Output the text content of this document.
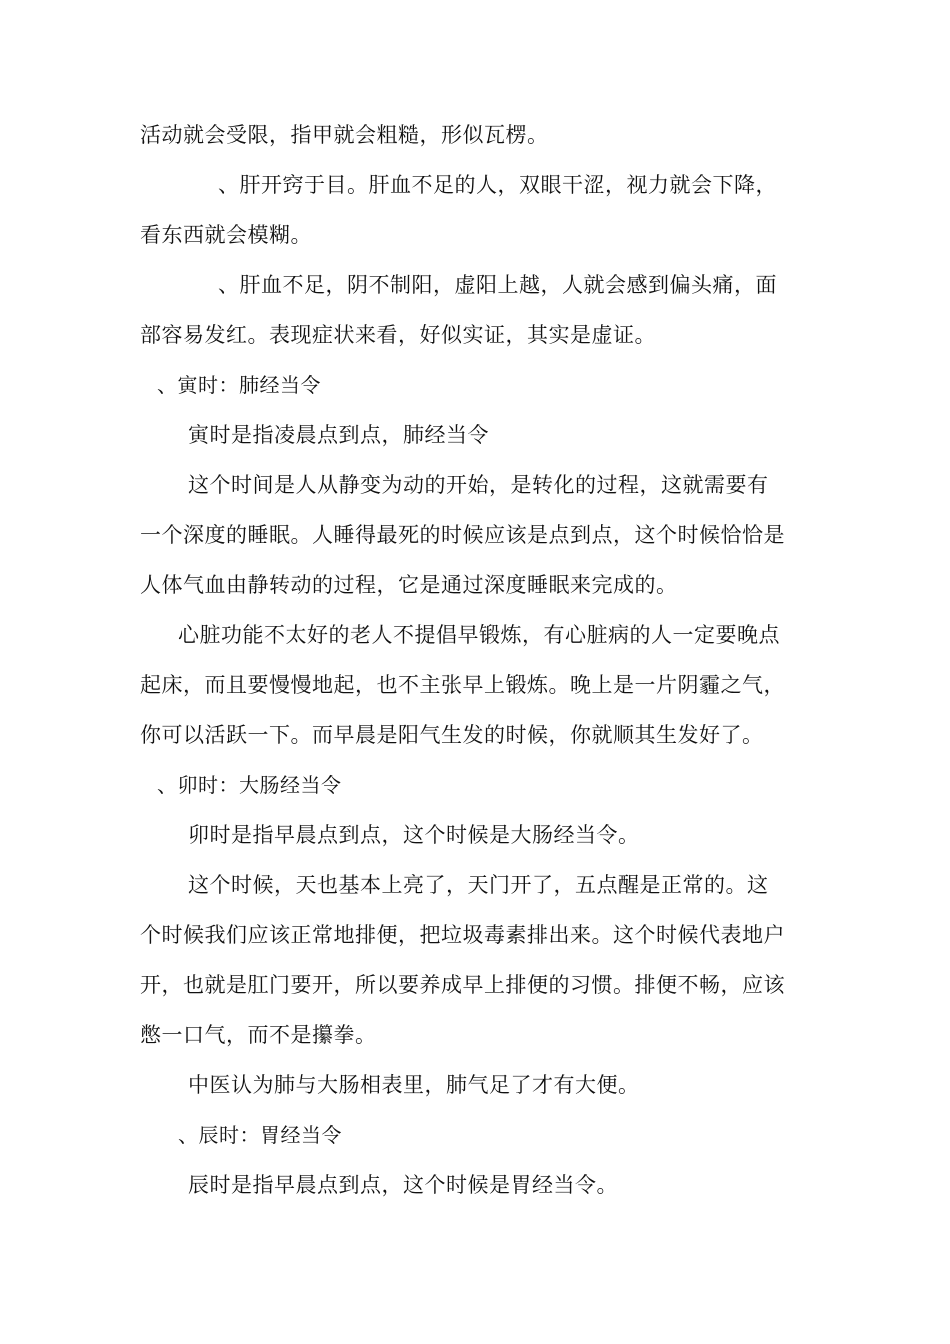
活动就会受限，指甲就会粗糙，形似瓦楞。
、肝开窍于目。肝血不足的人，双眼干涩，视力就会下降，
看东西就会模糊。
、肝血不足，阴不制阳，虚阳上越，人就会感到偏头痛，面
部容易发红。表现症状来看，好似实证，其实是虚证。
、寅时：肺经当令
寅时是指凌晨点到点，肺经当令
这个时间是人从静变为动的开始，是转化的过程，这就需要有
一个深度的睡眠。人睡得最死的时候应该是点到点，这个时候恰恰是
人体气血由静转动的过程，它是通过深度睡眠来完成的。
心脏功能不太好的老人不提倡早锻炼，有心脏病的人一定要晚点
起床，而且要慢慢地起，也不主张早上锻炼。晚上是一片阴霾之气，
你可以活跃一下。而早晨是阳气生发的时候，你就顺其生发好了。
、卯时：大肠经当令
卯时是指早晨点到点，这个时候是大肠经当令。
这个时候，天也基本上亮了，天门开了，五点醒是正常的。这
个时候我们应该正常地排便，把垃圾毒素排出来。这个时候代表地户
开，也就是肛门要开，所以要养成早上排便的习惯。排便不畅，应该
憋一口气，而不是攥拳。
中医认为肺与大肠相表里，肺气足了才有大便。
、辰时：胃经当令
辰时是指早晨点到点，这个时候是胃经当令。
